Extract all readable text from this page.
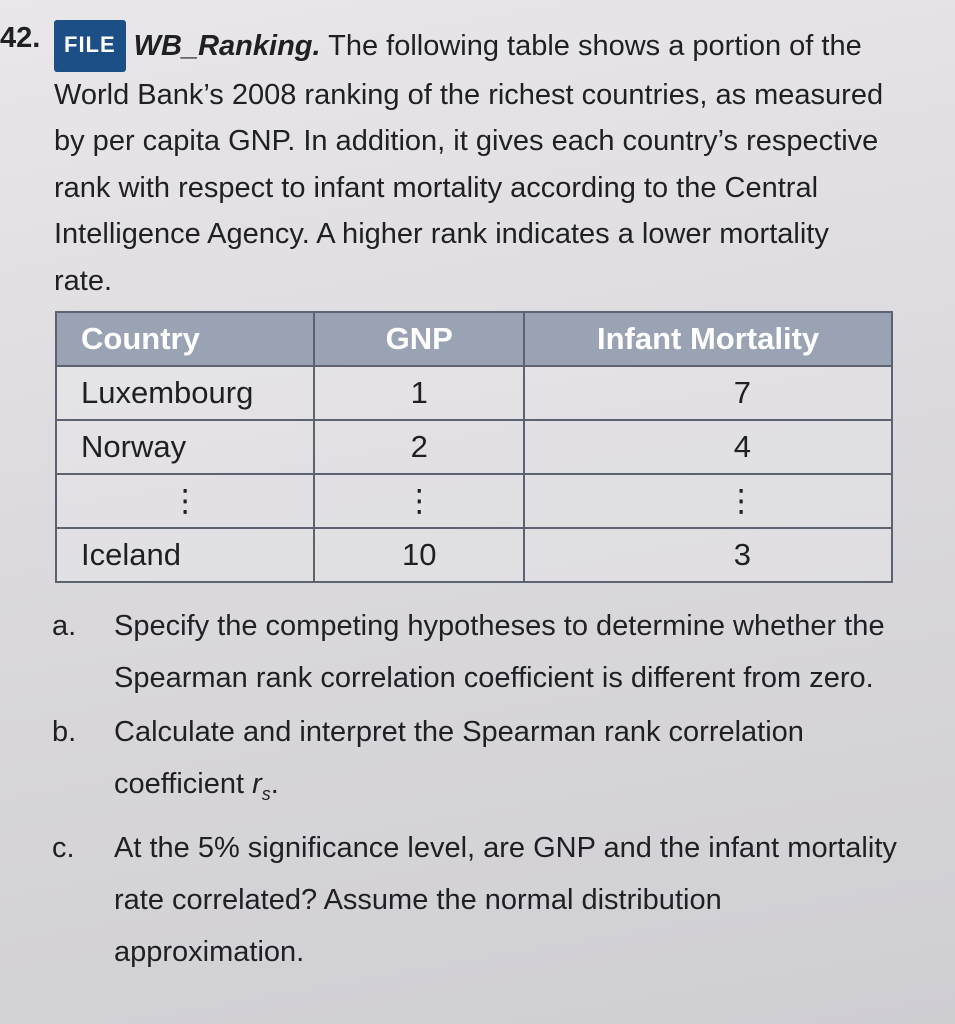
42.	FILE WB_Ranking. The following table shows a portion of the World Bank’s 2008 ranking of the richest countries, as measured by per capita GNP. In addition, it gives each country’s respective rank with respect to infant mortality according to the Central Intelligence Agency. A higher rank indicates a lower mortality rate.
Country	GNP	Infant Mortality
Luxembourg	1	7
Norway	2	4
⋮	⋮	⋮
Iceland	10	3
a. Specify the competing hypotheses to determine whether the Spearman rank correlation coefficient is different from zero.
b. Calculate and interpret the Spearman rank correlation coefficient $r_s$.
c. At the 5% significance level, are GNP and the infant mortality rate correlated? Assume the normal distribution approximation.
